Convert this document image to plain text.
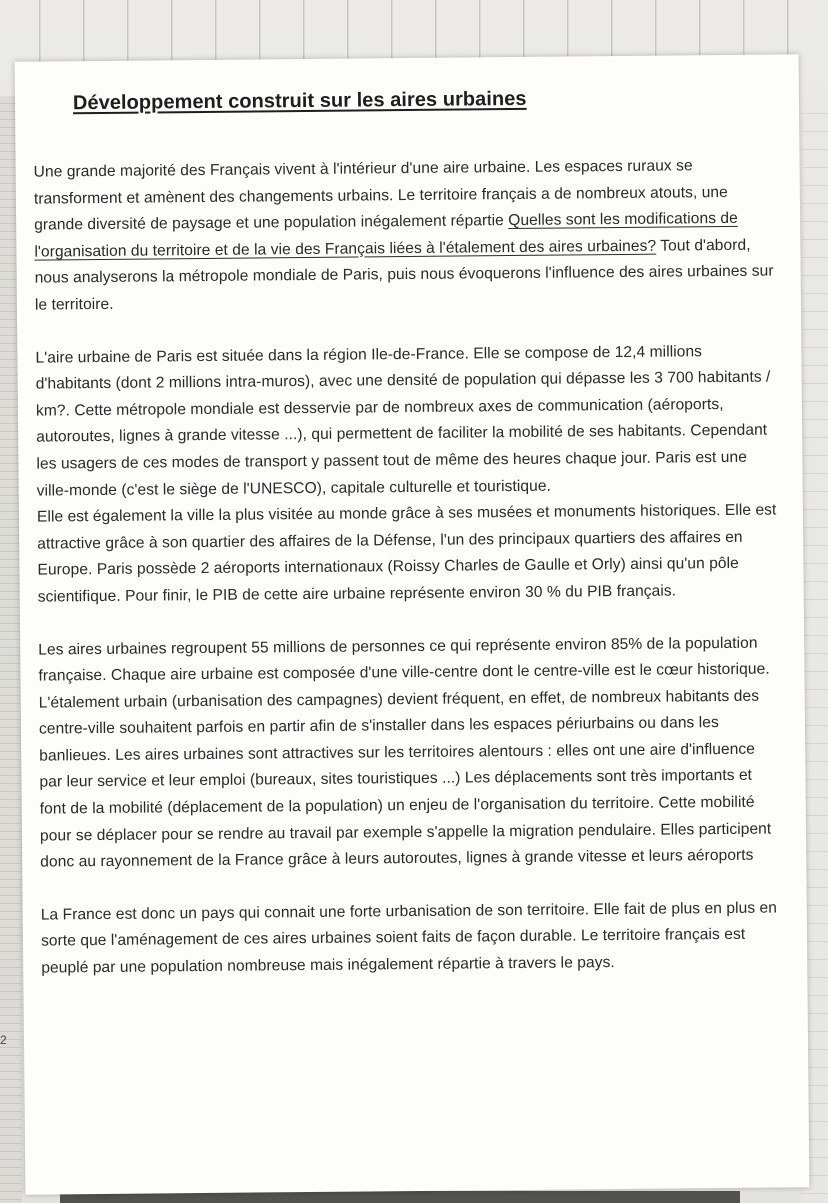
Développement construit sur les aires urbaines

Une grande majorité des Français vivent à l'intérieur d'une aire urbaine. Les espaces ruraux se transforment et amènent des changements urbains. Le territoire français a de nombreux atouts, une grande diversité de paysage et une population inégalement répartie Quelles sont les modifications de l'organisation du territoire et de la vie des Français liées à l'étalement des aires urbaines? Tout d'abord, nous analyserons la métropole mondiale de Paris, puis nous évoquerons l'influence des aires urbaines sur le territoire.

L'aire urbaine de Paris est située dans la région Ile-de-France. Elle se compose de 12,4 millions d'habitants (dont 2 millions intra-muros), avec une densité de population qui dépasse les 3 700 habitants / km?. Cette métropole mondiale est desservie par de nombreux axes de communication (aéroports, autoroutes, lignes à grande vitesse ...), qui permettent de faciliter la mobilité de ses habitants. Cependant les usagers de ces modes de transport y passent tout de même des heures chaque jour. Paris est une ville-monde (c'est le siège de l'UNESCO), capitale culturelle et touristique.

Elle est également la ville la plus visitée au monde grâce à ses musées et monuments historiques. Elle est attractive grâce à son quartier des affaires de la Défense, l'un des principaux quartiers des affaires en Europe. Paris possède 2 aéroports internationaux (Roissy Charles de Gaulle et Orly) ainsi qu'un pôle scientifique. Pour finir, le PIB de cette aire urbaine représente environ 30 % du PIB français.

Les aires urbaines regroupent 55 millions de personnes ce qui représente environ 85% de la population française. Chaque aire urbaine est composée d'une ville-centre dont le centre-ville est le cœur historique. L'étalement urbain (urbanisation des campagnes) devient fréquent, en effet, de nombreux habitants des centre-ville souhaitent parfois en partir afin de s'installer dans les espaces périurbains ou dans les banlieues. Les aires urbaines sont attractives sur les territoires alentours : elles ont une aire d'influence par leur service et leur emploi (bureaux, sites touristiques ...) Les déplacements sont très importants et font de la mobilité (déplacement de la population) un enjeu de l'organisation du territoire. Cette mobilité pour se déplacer pour se rendre au travail par exemple s'appelle la migration pendulaire. Elles participent donc au rayonnement de la France grâce à leurs autoroutes, lignes à grande vitesse et leurs aéroports

La France est donc un pays qui connait une forte urbanisation de son territoire. Elle fait de plus en plus en sorte que l'aménagement de ces aires urbaines soient faits de façon durable. Le territoire français est peuplé par une population nombreuse mais inégalement répartie à travers le pays.

2
